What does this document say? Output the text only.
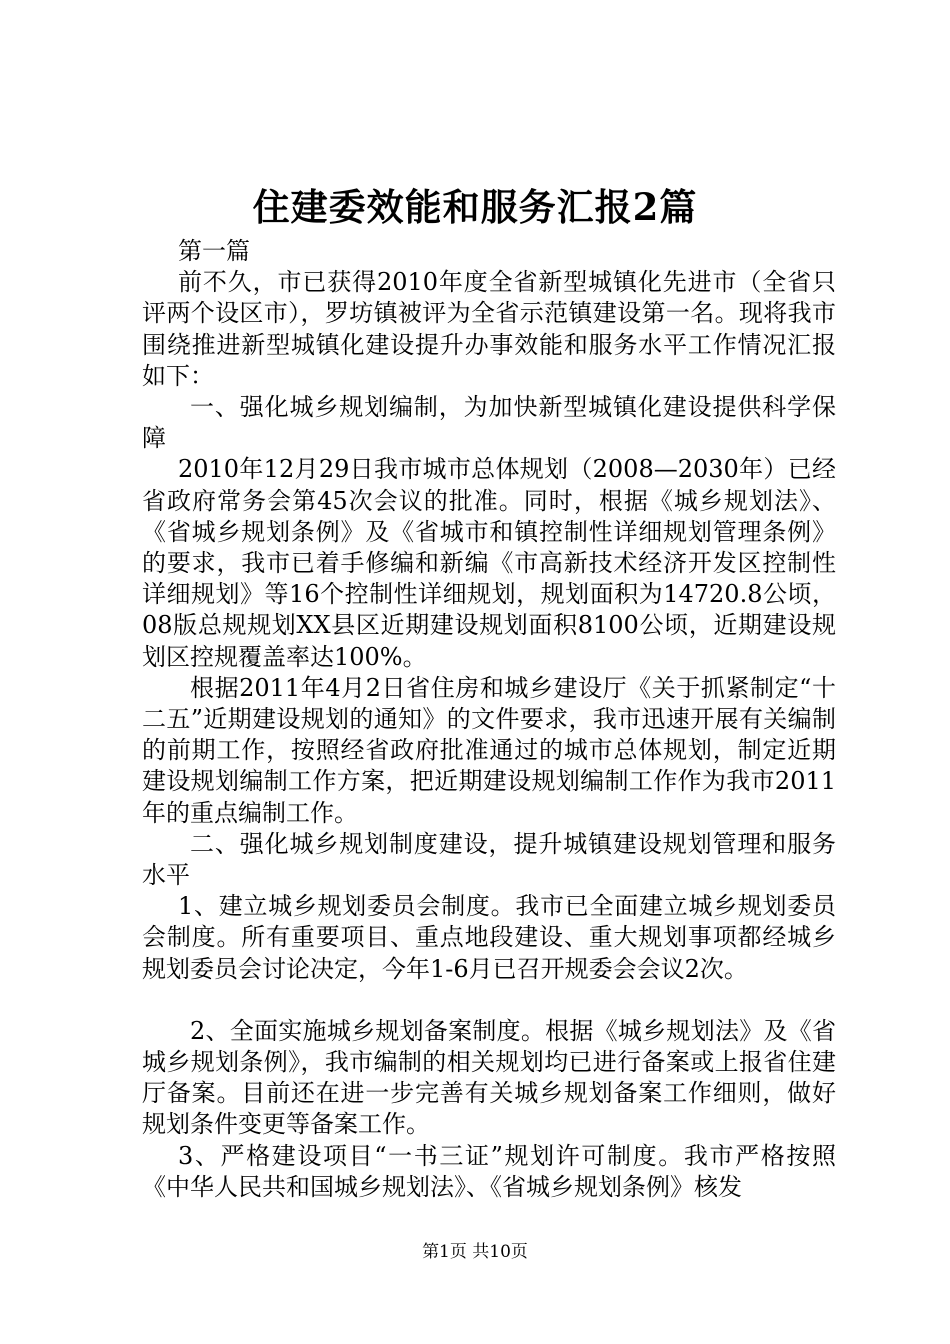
住建委效能和服务汇报2篇

第一篇

前不久，市已获得2010年度全省新型城镇化先进市（全省只评两个设区市），罗坊镇被评为全省示范镇建设第一名。现将我市围绕推进新型城镇化建设提升办事效能和服务水平工作情况汇报如下：

一、强化城乡规划编制，为加快新型城镇化建设提供科学保障

2010年12月29日我市城市总体规划（2008—2030年）已经省政府常务会第45次会议的批准。同时，根据《城乡规划法》、《省城乡规划条例》及《省城市和镇控制性详细规划管理条例》的要求，我市已着手修编和新编《市高新技术经济开发区控制性详细规划》等16个控制性详细规划，规划面积为14720.8公顷，08版总规规划XX县区近期建设规划面积8100公顷，近期建设规划区控规覆盖率达100%。

根据2011年4月2日省住房和城乡建设厅《关于抓紧制定“十二五”近期建设规划的通知》的文件要求，我市迅速开展有关编制的前期工作，按照经省政府批准通过的城市总体规划，制定近期建设规划编制工作方案，把近期建设规划编制工作作为我市2011年的重点编制工作。

二、强化城乡规划制度建设，提升城镇建设规划管理和服务水平

1、建立城乡规划委员会制度。我市已全面建立城乡规划委员会制度。所有重要项目、重点地段建设、重大规划事项都经城乡规划委员会讨论决定，今年1-6月已召开规委会会议2次。

2、全面实施城乡规划备案制度。根据《城乡规划法》及《省城乡规划条例》，我市编制的相关规划均已进行备案或上报省住建厅备案。目前还在进一步完善有关城乡规划备案工作细则，做好规划条件变更等备案工作。

3、严格建设项目“一书三证”规划许可制度。我市严格按照《中华人民共和国城乡规划法》、《省城乡规划条例》核发

第1页 共10页
